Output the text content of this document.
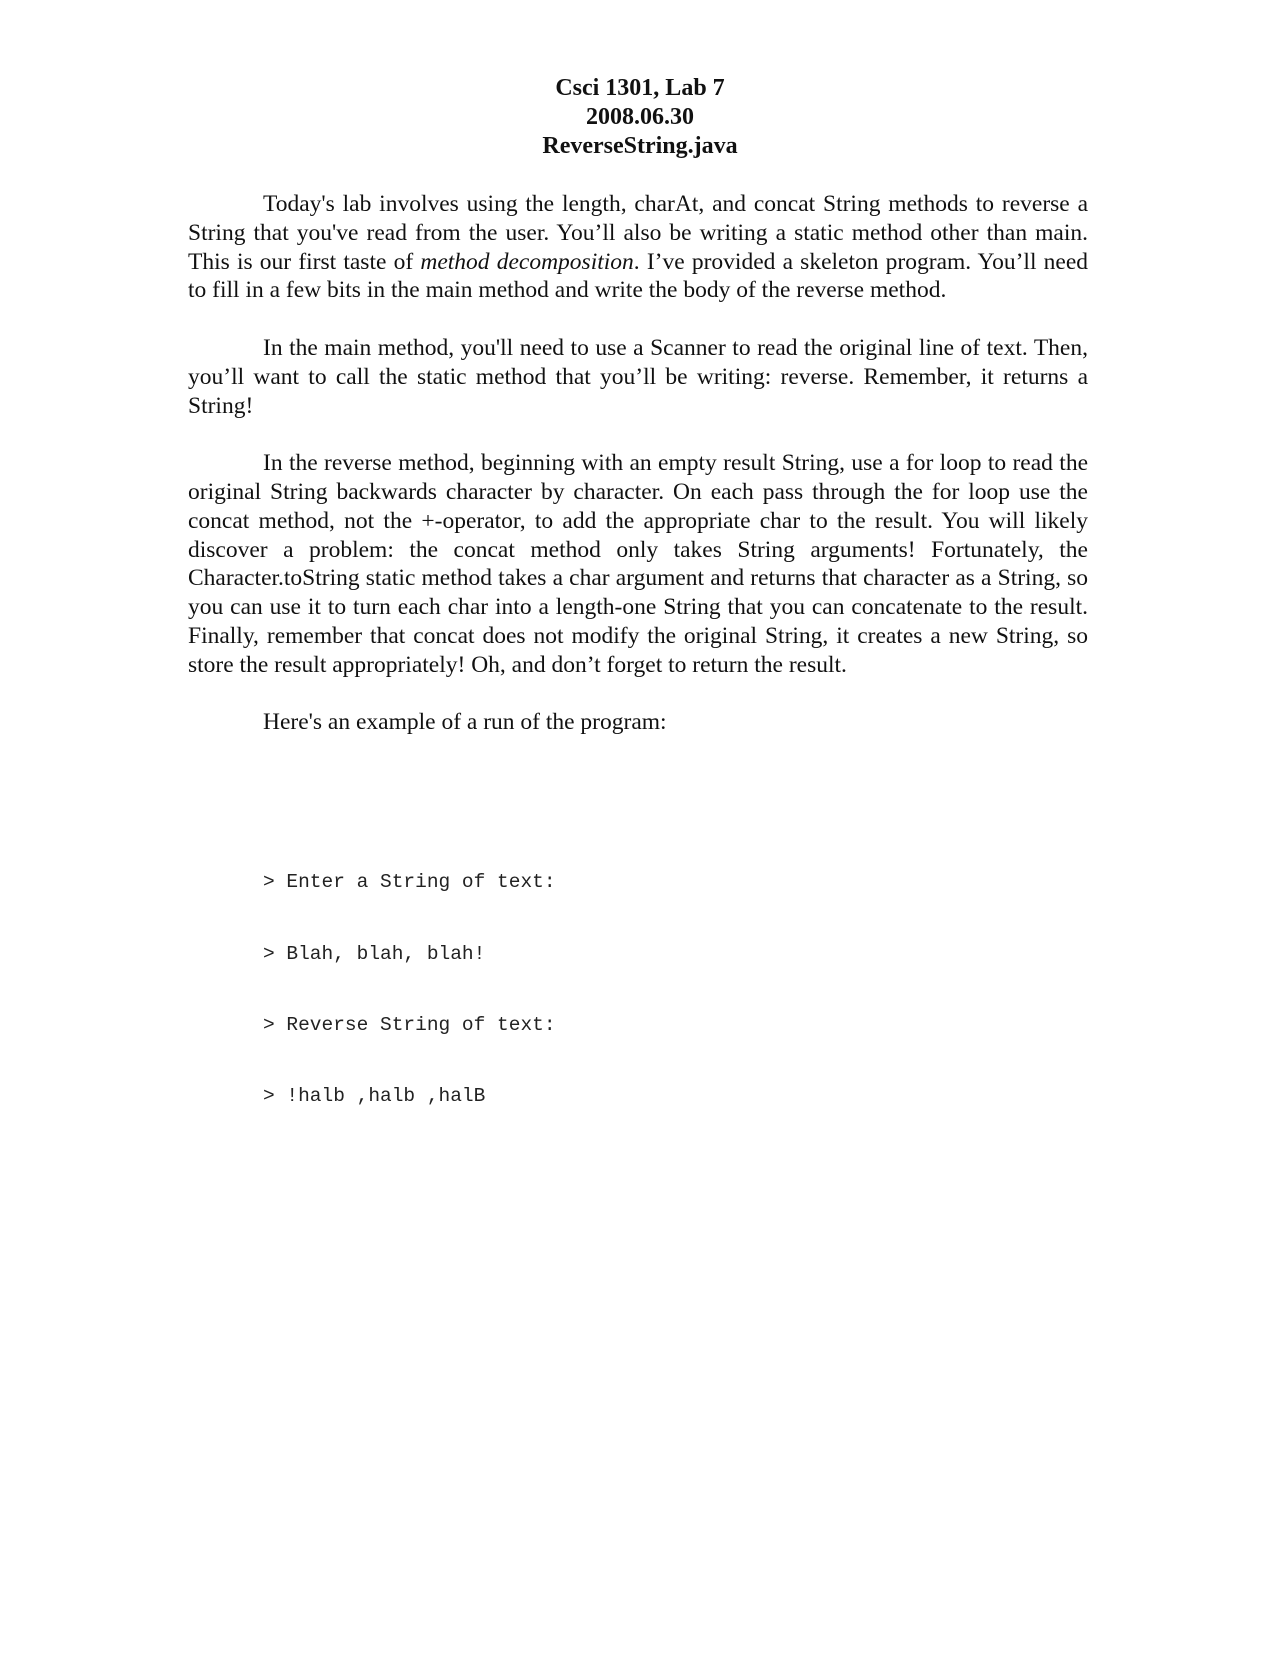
Csci 1301, Lab 7
2008.06.30
ReverseString.java

Today's lab involves using the length, charAt, and concat String methods to reverse a String that you've read from the user. You’ll also be writing a static method other than main. This is our first taste of method decomposition. I’ve provided a skeleton program. You’ll need to fill in a few bits in the main method and write the body of the reverse method.

In the main method, you'll need to use a Scanner to read the original line of text. Then, you’ll want to call the static method that you’ll be writing: reverse. Remember, it returns a String!

In the reverse method, beginning with an empty result String, use a for loop to read the original String backwards character by character. On each pass through the for loop use the concat method, not the +-operator, to add the appropriate char to the result. You will likely discover a problem: the concat method only takes String arguments! Fortunately, the Character.toString static method takes a char argument and returns that character as a String, so you can use it to turn each char into a length-one String that you can concatenate to the result. Finally, remember that concat does not modify the original String, it creates a new String, so store the result appropriately! Oh, and don’t forget to return the result.

Here's an example of a run of the program:

> Enter a String of text:

> Blah, blah, blah!

> Reverse String of text:

> !halb ,halb ,halB
